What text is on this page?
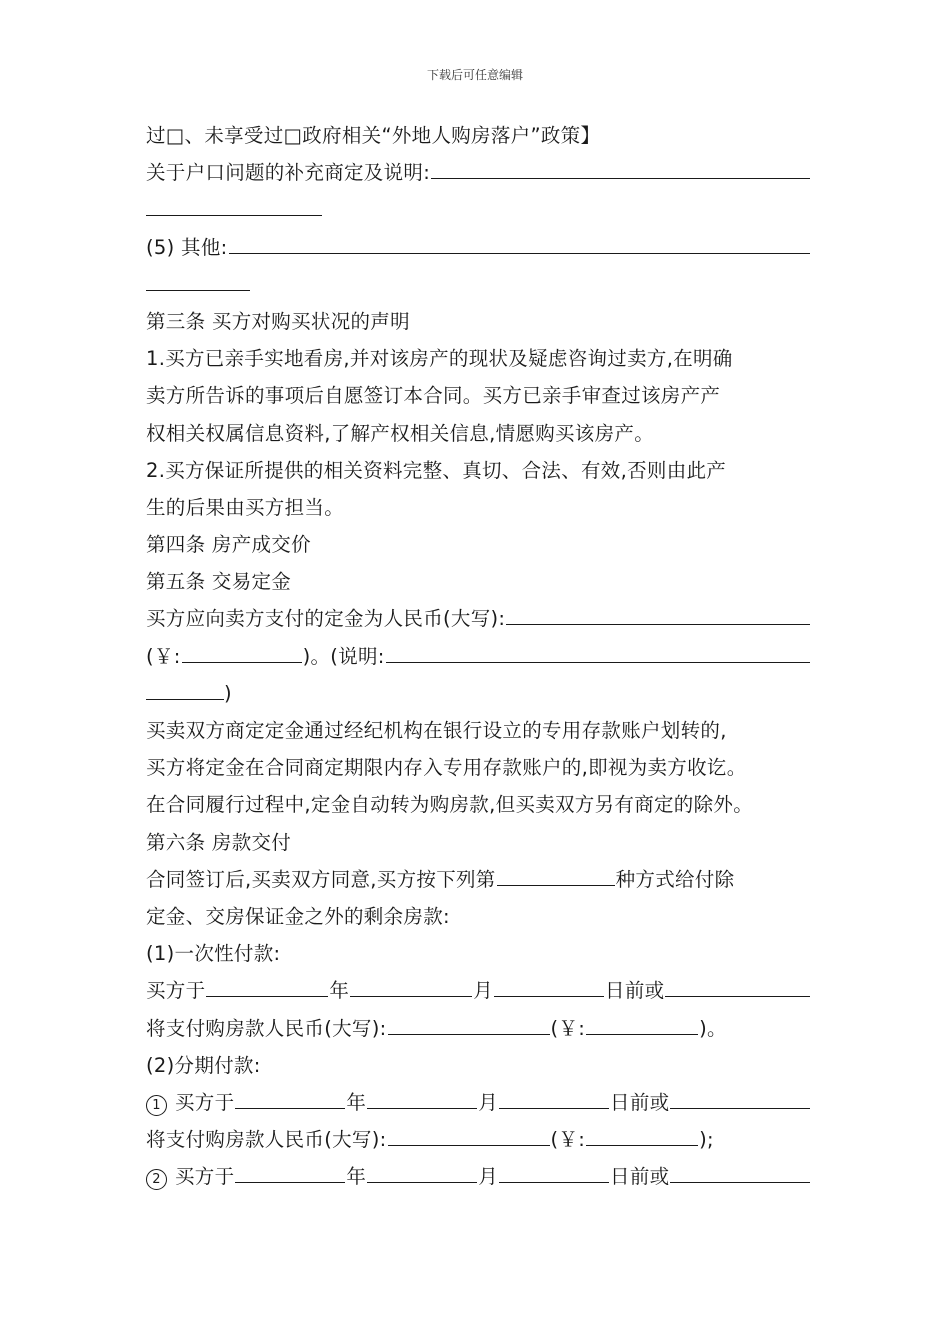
下载后可任意编辑
过□、未享受过□政府相关“外地人购房落户”政策】
关于户口问题的补充商定及说明:
(5) 其他:
第三条 买方对购买状况的声明
1.买方已亲手实地看房,并对该房产的现状及疑虑咨询过卖方,在明确
卖方所告诉的事项后自愿签订本合同。买方已亲手审查过该房产产
权相关权属信息资料,了解产权相关信息,情愿购买该房产。
2.买方保证所提供的相关资料完整、真切、合法、有效,否则由此产
生的后果由买方担当。
第四条 房产成交价
第五条 交易定金
买方应向卖方支付的定金为人民币(大写):
(￥:	)。(说明:
)
买卖双方商定定金通过经纪机构在银行设立的专用存款账户划转的,
买方将定金在合同商定期限内存入专用存款账户的,即视为卖方收讫。
在合同履行过程中,定金自动转为购房款,但买卖双方另有商定的除外。
第六条 房款交付
合同签订后,买卖双方同意,买方按下列第	种方式给付除
定金、交房保证金之外的剩余房款:
(1)一次性付款:
买方于	年	月	日前或
将支付购房款人民币(大写):	(￥:	)。
(2)分期付款:
1 买方于	年	月	日前或
将支付购房款人民币(大写):	(￥:	);
2 买方于	年	月	日前或
